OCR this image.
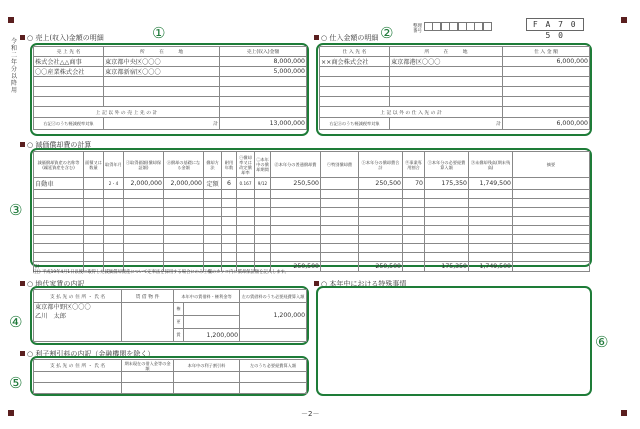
令和二年分以降用
整理番号
F A 7 0 5 0
○ 売上(収入)金額の明細	①
売 上 先 名	所　　　在　　　地	売上(収入)金額
株式会社△△商事	東京都中央区〇〇〇	8,000,000
〇〇産業株式会社	東京都新宿区〇〇〇	5,000,000

上 記 以 外 の 売 上 先 の 計		
右記㋑のうち軽減税率対象	計	13,000,000
○ 仕入金額の明細 ②
仕 入 先 名	所　　　在　　　地	仕 入 金 額
××商会株式会社	東京都港区〇〇〇	6,000,000

上 記 以 外 の 仕 入 先 の 計		
右記㋺のうち軽減税率対象	計	6,000,000
○ 減価償却費の計算
③
減価償却資産の名称等(繰延資産を含む)	面積又は数量	取得年月	㋑取得価額(償却保証額)	㋺償却の基礎になる金額	償却方法	耐用年数	㋩償却率又は改定償却率	㊁本年中の償却期間	㋭本年分の普通償却費	㋬特別償却費	㋣本年分の償却費合計	㋠事業専用割合	㋷本年分の必要経費算入額	㋦未償却残高(期末残高)	摘要
自動車		2・4	2,000,000	2,000,000	定額	6	0.167	9/12	250,500		250,500	70	175,350	1,749,500	

計									250,500		250,500		175,350	1,749,500	
(注) 平成19年4月1日以後に取得した減価償却資産について定率法を採用する場合にのみ㋑欄のカッコ内に償却保証額を記入します。
○ 地代家賃の内訳
④
支 払 先 の 住 所 ・ 氏 名	賃 借 物 件	本年中の賃借料・権利金等		左の賃借料のうち必要経費算入額
東京都中野区〇〇〇
乙川　太郎		権		1,200,000
		更		
		賃	1,200,000	
○ 利子割引料の内訳（金融機関を除く）
⑤
支 払 先 の 住 所 ・ 氏 名	期末現在の借入金等の金額	本年中の利子割引料	左のうち必要経費算入額

○ 本年中における特殊事情
⑥
－2－
